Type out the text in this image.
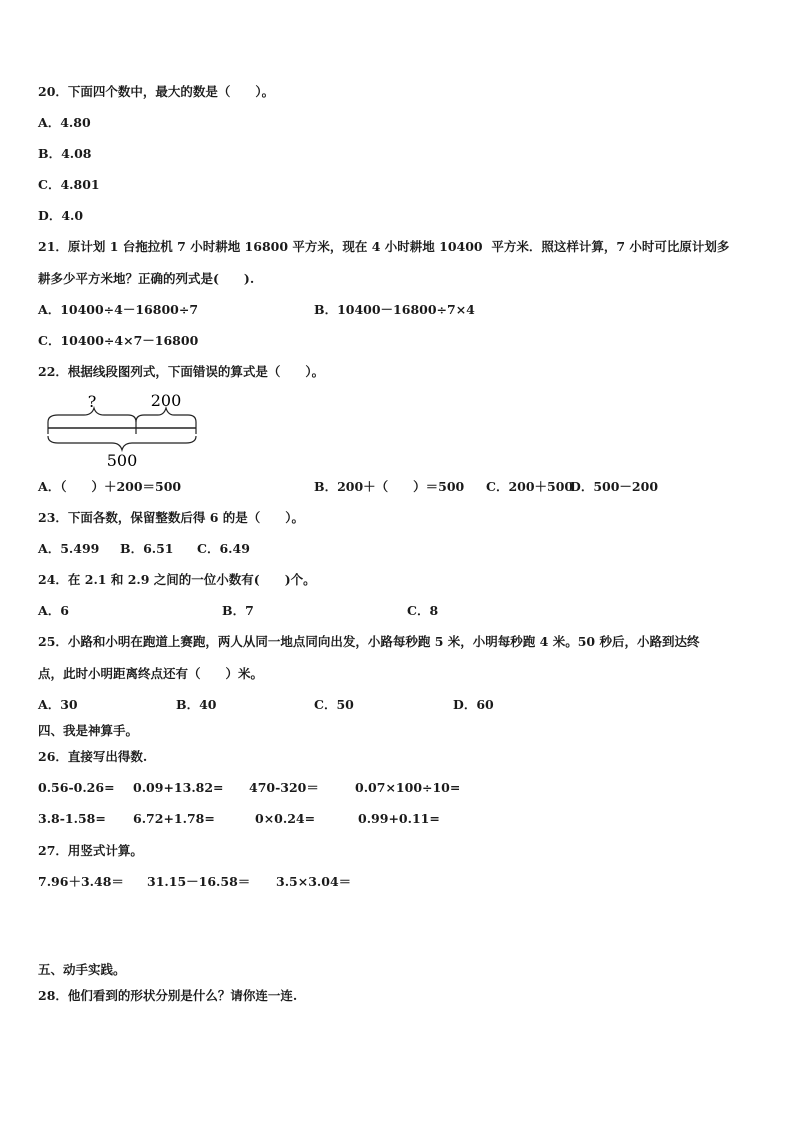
20．下面四个数中，最大的数是（　　）。
A．4.80
B．4.08
C．4.801
D．4.0
21．原计划 1 台拖拉机 7 小时耕地 16800 平方米，现在 4 小时耕地 10400  平方米．照这样计算，7 小时可比原计划多
耕多少平方米地？正确的列式是(　　).
A．10400÷4－16800÷7	B．10400－16800÷7×4
C．10400÷4×7－16800
22．根据线段图列式，下面错误的算式是（　　）。
?	200
500
A．（　　）＋200＝500	B．200＋（　　）＝500 C．200＋500
D．500－200
23．下面各数，保留整数后得 6 的是（　　）。
A．5.499 B．6.51 C．6.49
24．在 2.1 和 2.9 之间的一位小数有(　　)个。
A．6	B．7	C．8
25．小路和小明在跑道上赛跑，两人从同一地点同向出发，小路每秒跑 5 米，小明每秒跑 4 米。50 秒后，小路到达终
点，此时小明距离终点还有（　　）米。
A．30	B．40	C．50	D．60
四、我是神算手。
26．直接写出得数.
0.56-0.26= 0.09+13.82= 470-320＝	0.07×100÷10=
3.8-1.58= 6.72+1.78=	0×0.24=	0.99+0.11=
27．用竖式计算。
7.96＋3.48＝ 31.15－16.58＝ 3.5×3.04＝
五、动手实践。
28．他们看到的形状分别是什么？请你连一连.
